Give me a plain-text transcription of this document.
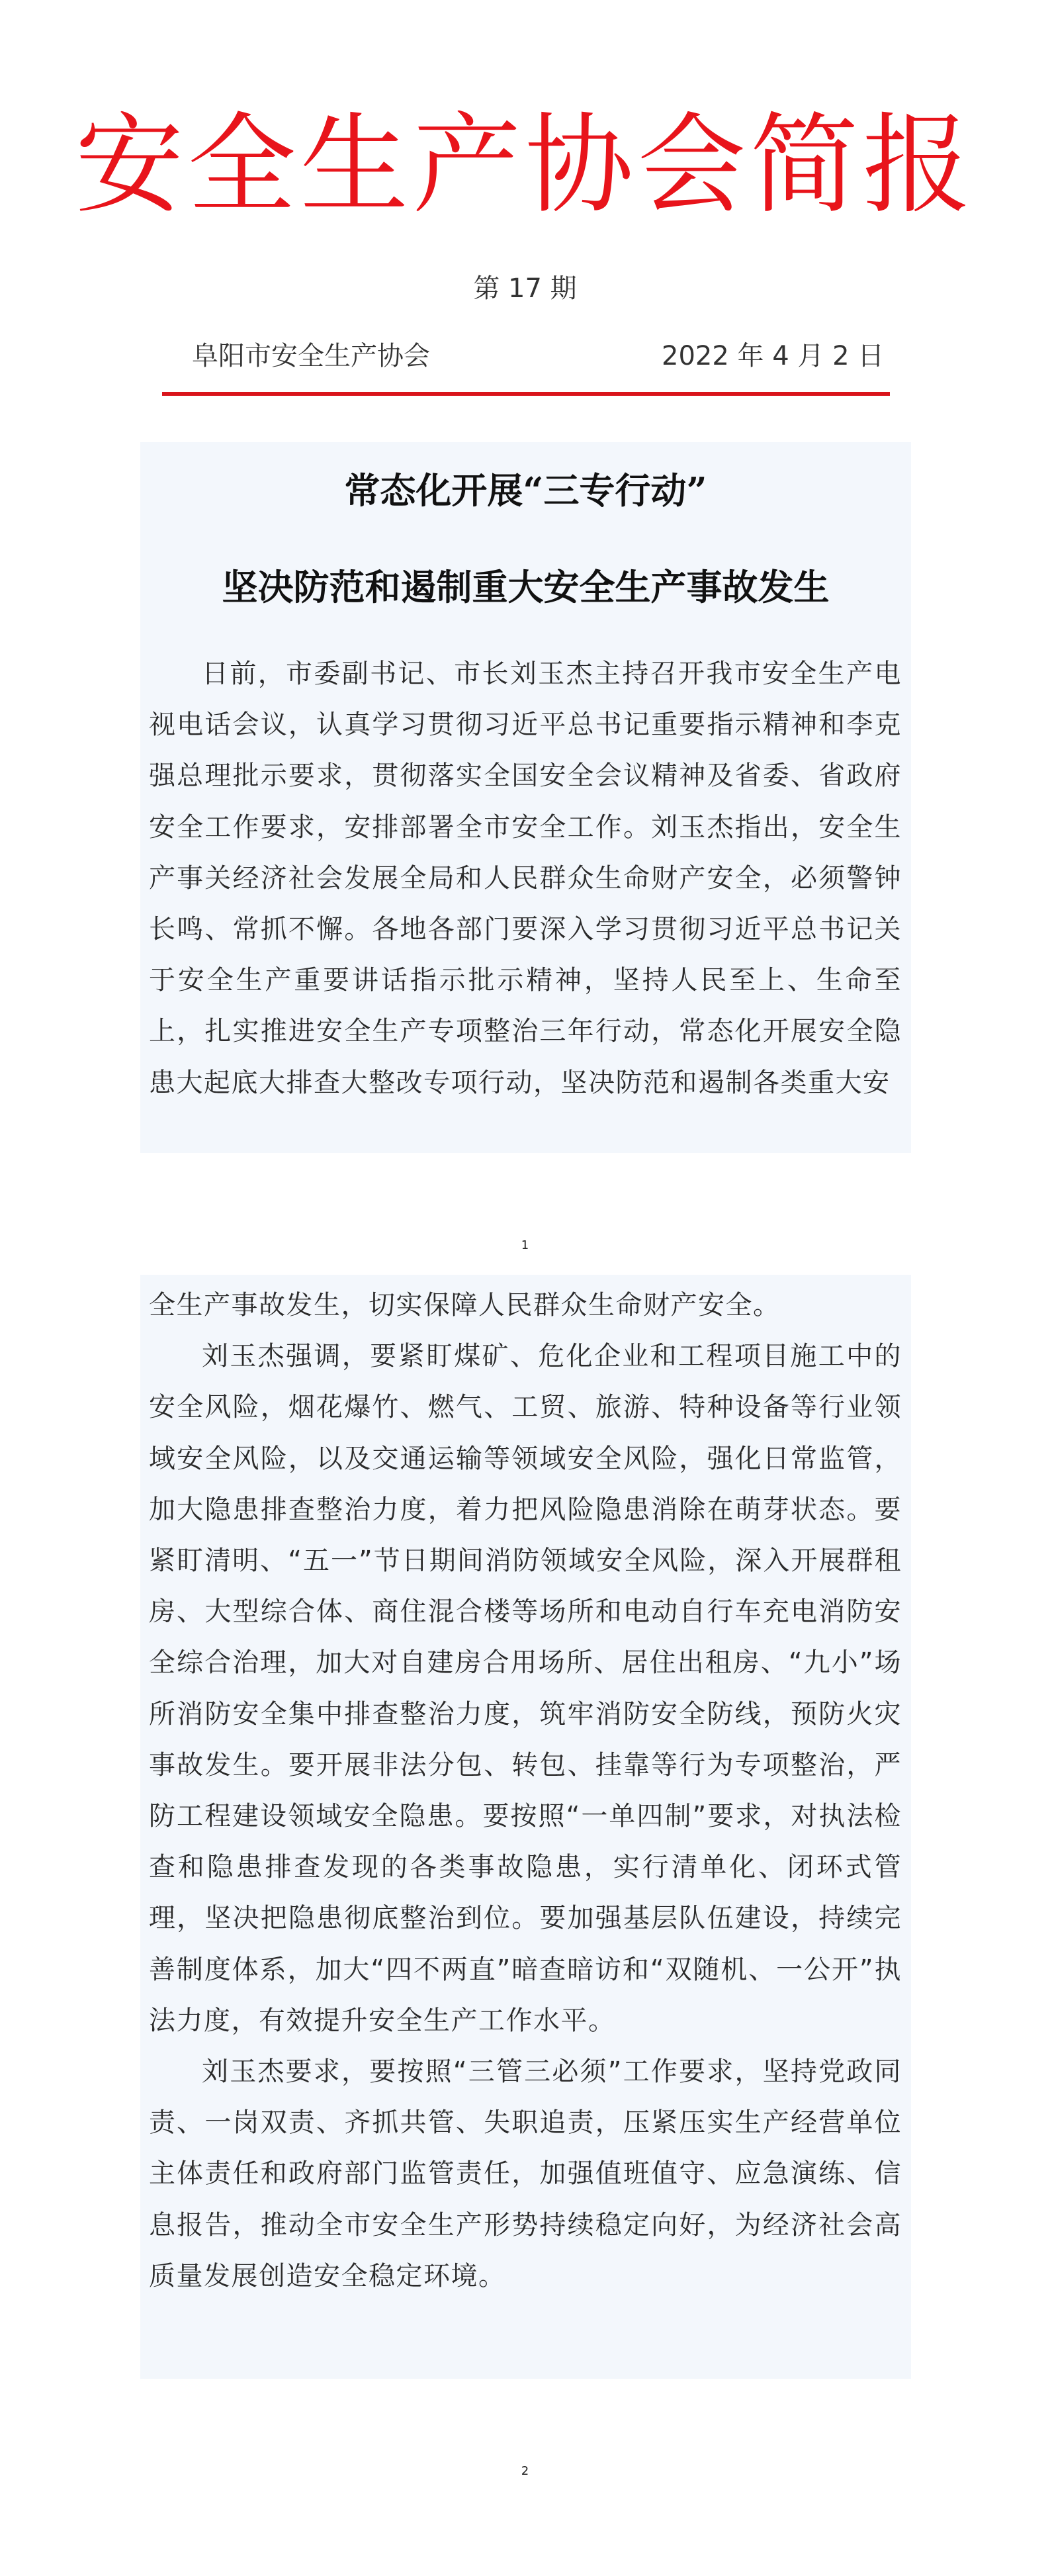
安全生产协会简报
第 17 期
阜阳市安全生产协会	2022 年 4 月 2 日
常态化开展“三专行动”
坚决防范和遏制重大安全生产事故发生

日前，市委副书记、市长刘玉杰主持召开我市安全生产电视电话会议，认真学习贯彻习近平总书记重要指示精神和李克强总理批示要求，贯彻落实全国安全会议精神及省委、省政府安全工作要求，安排部署全市安全工作。刘玉杰指出，安全生产事关经济社会发展全局和人民群众生命财产安全，必须警钟长鸣、常抓不懈。各地各部门要深入学习贯彻习近平总书记关于安全生产重要讲话指示批示精神，坚持人民至上、生命至上，扎实推进安全生产专项整治三年行动，常态化开展安全隐患大起底大排查大整改专项行动，坚决防范和遏制各类重大安

1

全生产事故发生，切实保障人民群众生命财产安全。

刘玉杰强调，要紧盯煤矿、危化企业和工程项目施工中的安全风险，烟花爆竹、燃气、工贸、旅游、特种设备等行业领域安全风险，以及交通运输等领域安全风险，强化日常监管，加大隐患排查整治力度，着力把风险隐患消除在萌芽状态。要紧盯清明、“五一”节日期间消防领域安全风险，深入开展群租房、大型综合体、商住混合楼等场所和电动自行车充电消防安全综合治理，加大对自建房合用场所、居住出租房、“九小”场所消防安全集中排查整治力度，筑牢消防安全防线，预防火灾事故发生。要开展非法分包、转包、挂靠等行为专项整治，严防工程建设领域安全隐患。要按照“一单四制”要求，对执法检查和隐患排查发现的各类事故隐患，实行清单化、闭环式管理，坚决把隐患彻底整治到位。要加强基层队伍建设，持续完善制度体系，加大“四不两直”暗查暗访和“双随机、一公开”执法力度，有效提升安全生产工作水平。

刘玉杰要求，要按照“三管三必须”工作要求，坚持党政同责、一岗双责、齐抓共管、失职追责，压紧压实生产经营单位主体责任和政府部门监管责任，加强值班值守、应急演练、信息报告，推动全市安全生产形势持续稳定向好，为经济社会高质量发展创造安全稳定环境。

2
